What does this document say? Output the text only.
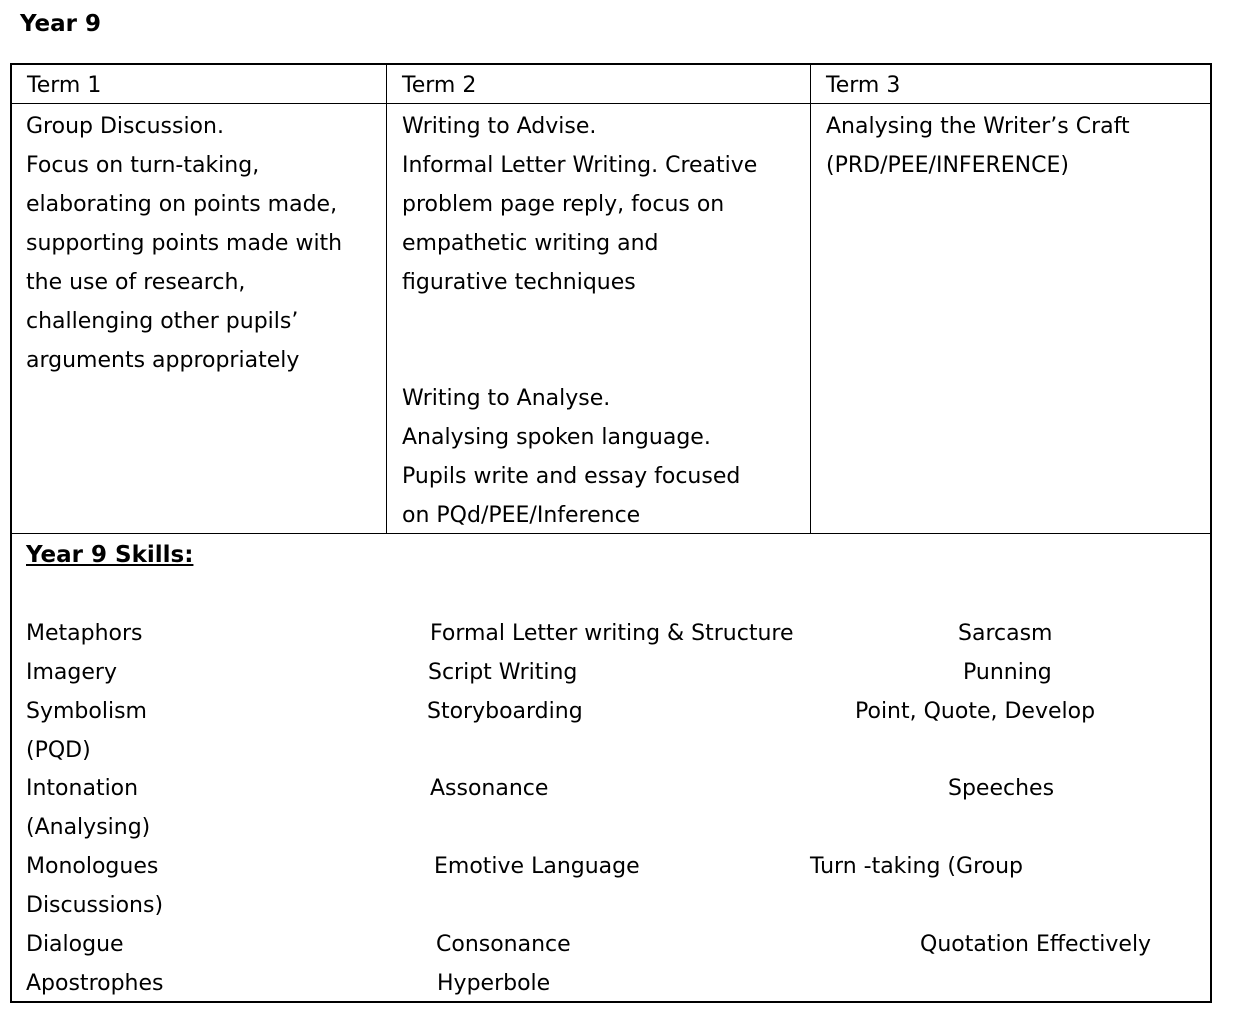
Year 9
Term 1	Term 2	Term 3
Group Discussion.
Focus on turn-taking,
elaborating on points made,
supporting points made with
the use of research,
challenging other pupils’
arguments appropriately
Writing to Advise.
Informal Letter Writing. Creative
problem page reply, focus on
empathetic writing and
figurative techniques
Writing to Analyse.
Analysing spoken language.
Pupils write and essay focused
on PQd/PEE/Inference
Analysing the Writer’s Craft
(PRD/PEE/INFERENCE)
Year 9 Skills:
Metaphors
Imagery
Symbolism
(PQD)
Intonation
(Analysing)
Monologues
Discussions)
Dialogue
Apostrophes
Formal Letter writing & Structure
Script Writing
Storyboarding
Assonance
Emotive Language
Consonance
Hyperbole
Sarcasm
Punning
Point, Quote, Develop
Speeches
Turn -taking (Group
Quotation Effectively
